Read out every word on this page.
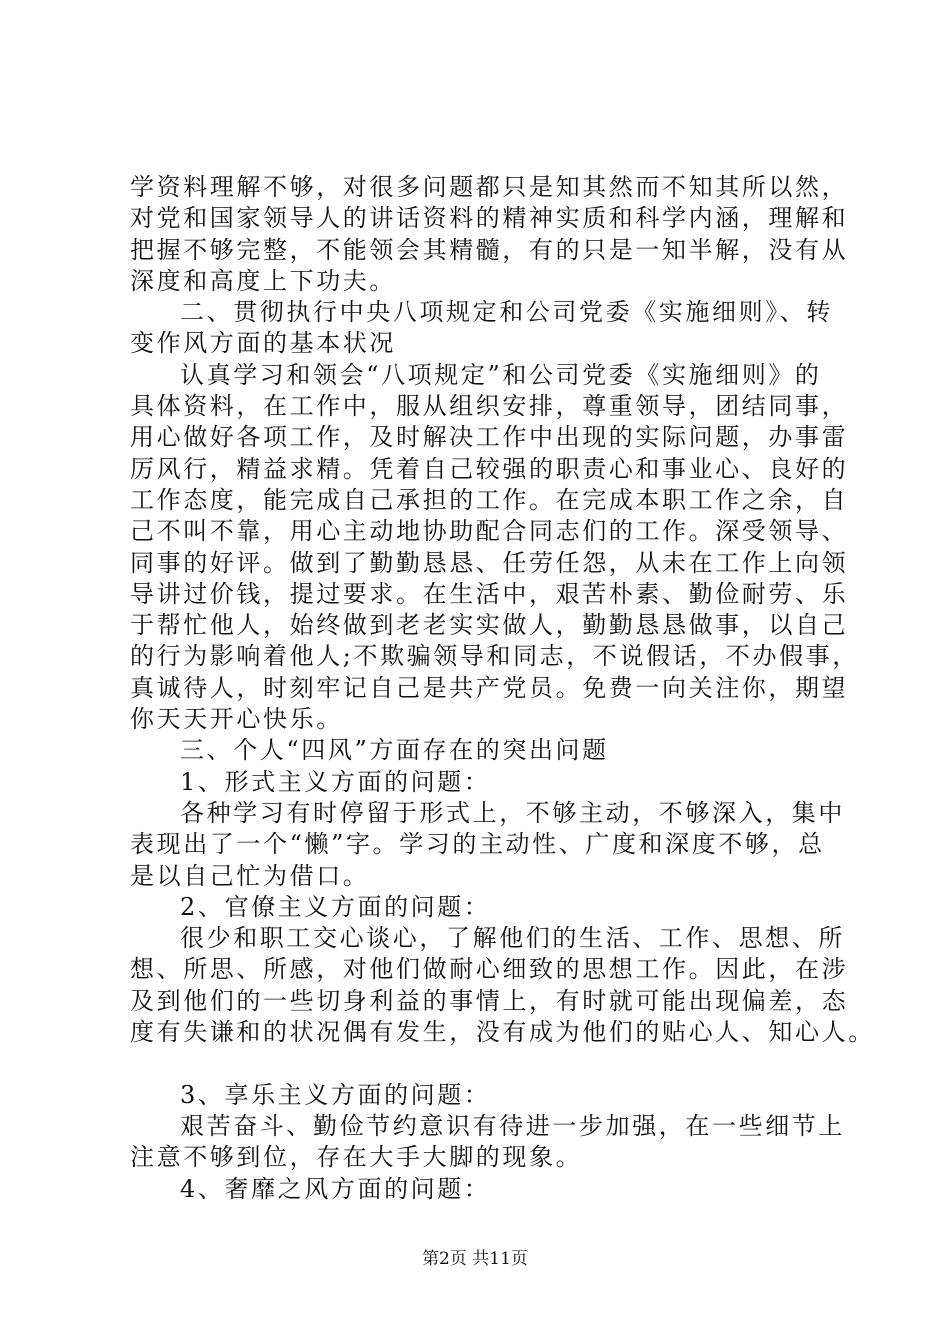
学资料理解不够，对很多问题都只是知其然而不知其所以然，
对党和国家领导人的讲话资料的精神实质和科学内涵，理解和
把握不够完整，不能领会其精髓，有的只是一知半解，没有从
深度和高度上下功夫。
二、贯彻执行中央八项规定和公司党委《实施细则》、转
变作风方面的基本状况
认真学习和领会“八项规定”和公司党委《实施细则》的
具体资料，在工作中，服从组织安排，尊重领导，团结同事，
用心做好各项工作，及时解决工作中出现的实际问题，办事雷
厉风行，精益求精。凭着自己较强的职责心和事业心、良好的
工作态度，能完成自己承担的工作。在完成本职工作之余，自
己不叫不靠，用心主动地协助配合同志们的工作。深受领导、
同事的好评。做到了勤勤恳恳、任劳任怨，从未在工作上向领
导讲过价钱，提过要求。在生活中，艰苦朴素、勤俭耐劳、乐
于帮忙他人，始终做到老老实实做人，勤勤恳恳做事，以自己
的行为影响着他人;不欺骗领导和同志，不说假话，不办假事，
真诚待人，时刻牢记自己是共产党员。免费一向关注你，期望
你天天开心快乐。
三、个人“四风”方面存在的突出问题
1、形式主义方面的问题：
各种学习有时停留于形式上，不够主动，不够深入，集中
表现出了一个“懒”字。学习的主动性、广度和深度不够，总
是以自己忙为借口。
2、官僚主义方面的问题：
很少和职工交心谈心，了解他们的生活、工作、思想、所
想、所思、所感，对他们做耐心细致的思想工作。因此，在涉
及到他们的一些切身利益的事情上，有时就可能出现偏差，态
度有失谦和的状况偶有发生，没有成为他们的贴心人、知心人。
3、享乐主义方面的问题：
艰苦奋斗、勤俭节约意识有待进一步加强，在一些细节上
注意不够到位，存在大手大脚的现象。
4、奢靡之风方面的问题：
第2页 共11页
